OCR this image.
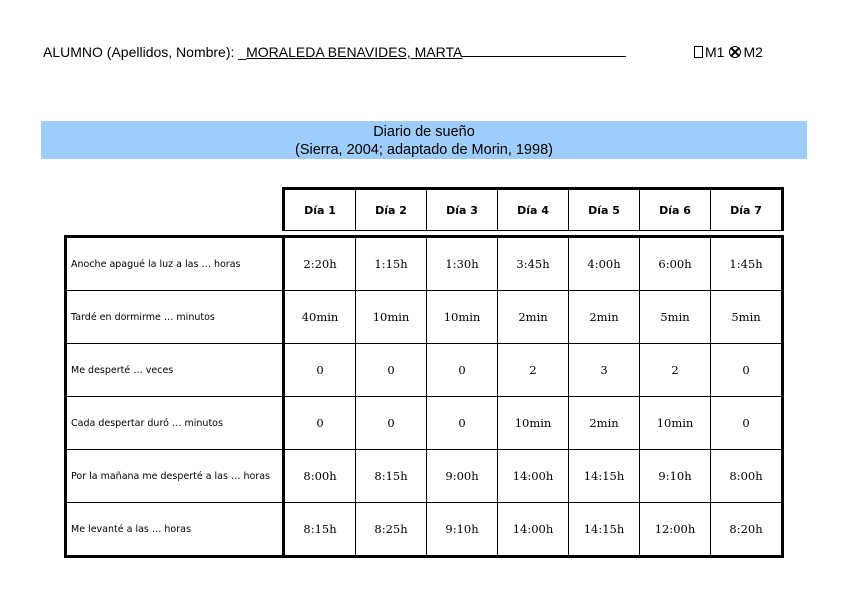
ALUMNO (Apellidos, Nombre): _MORALEDA BENAVIDES, MARTA	M1 M2
Diario de sueño
(Sierra, 2004; adaptado de Morin, 1998)
	Día 1	Día 2	Día 3	Día 4	Día 5	Día 6	Día 7

Anoche apagué la luz a las … horas	2:20h	1:15h	1:30h	3:45h	4:00h	6:00h	1:45h
Tardé en dormirme … minutos	40min	10min	10min	2min	2min	5min	5min
Me desperté … veces	0	0	0	2	3	2	0
Cada despertar duró … minutos	0	0	0	10min	2min	10min	0
Por la mañana me desperté a las … horas	8:00h	8:15h	9:00h	14:00h	14:15h	9:10h	8:00h
Me levanté a las … horas	8:15h	8:25h	9:10h	14:00h	14:15h	12:00h	8:20h
